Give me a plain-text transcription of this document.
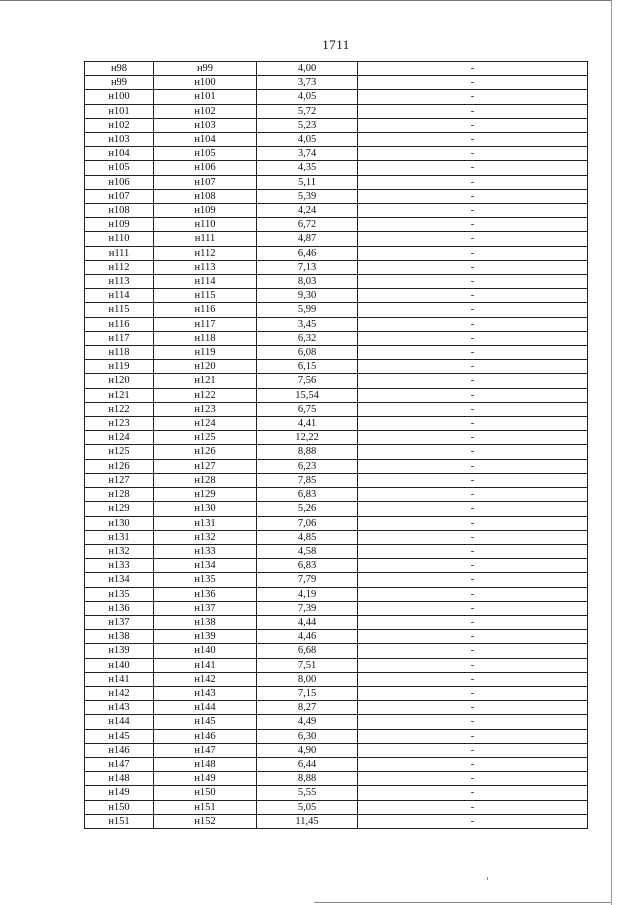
1711
н98	н99	4,00	-
н99	н100	3,73	-
н100	н101	4,05	-
н101	н102	5,72	-
н102	н103	5,23	-
н103	н104	4,05	-
н104	н105	3,74	-
н105	н106	4,35	-
н106	н107	5,11	-
н107	н108	5,39	-
н108	н109	4,24	-
н109	н110	6,72	-
н110	н111	4,87	-
н111	н112	6,46	-
н112	н113	7,13	-
н113	н114	8,03	-
н114	н115	9,30	-
н115	н116	5,99	-
н116	н117	3,45	-
н117	н118	6,32	-
н118	н119	6,08	-
н119	н120	6,15	-
н120	н121	7,56	-
н121	н122	15,54	-
н122	н123	6,75	-
н123	н124	4,41	-
н124	н125	12,22	-
н125	н126	8,88	-
н126	н127	6,23	-
н127	н128	7,85	-
н128	н129	6,83	-
н129	н130	5,26	-
н130	н131	7,06	-
н131	н132	4,85	-
н132	н133	4,58	-
н133	н134	6,83	-
н134	н135	7,79	-
н135	н136	4,19	-
н136	н137	7,39	-
н137	н138	4,44	-
н138	н139	4,46	-
н139	н140	6,68	-
н140	н141	7,51	-
н141	н142	8,00	-
н142	н143	7,15	-
н143	н144	8,27	-
н144	н145	4,49	-
н145	н146	6,30	-
н146	н147	4,90	-
н147	н148	6,44	-
н148	н149	8,88	-
н149	н150	5,55	-
н150	н151	5,05	-
н151	н152	11,45	-
